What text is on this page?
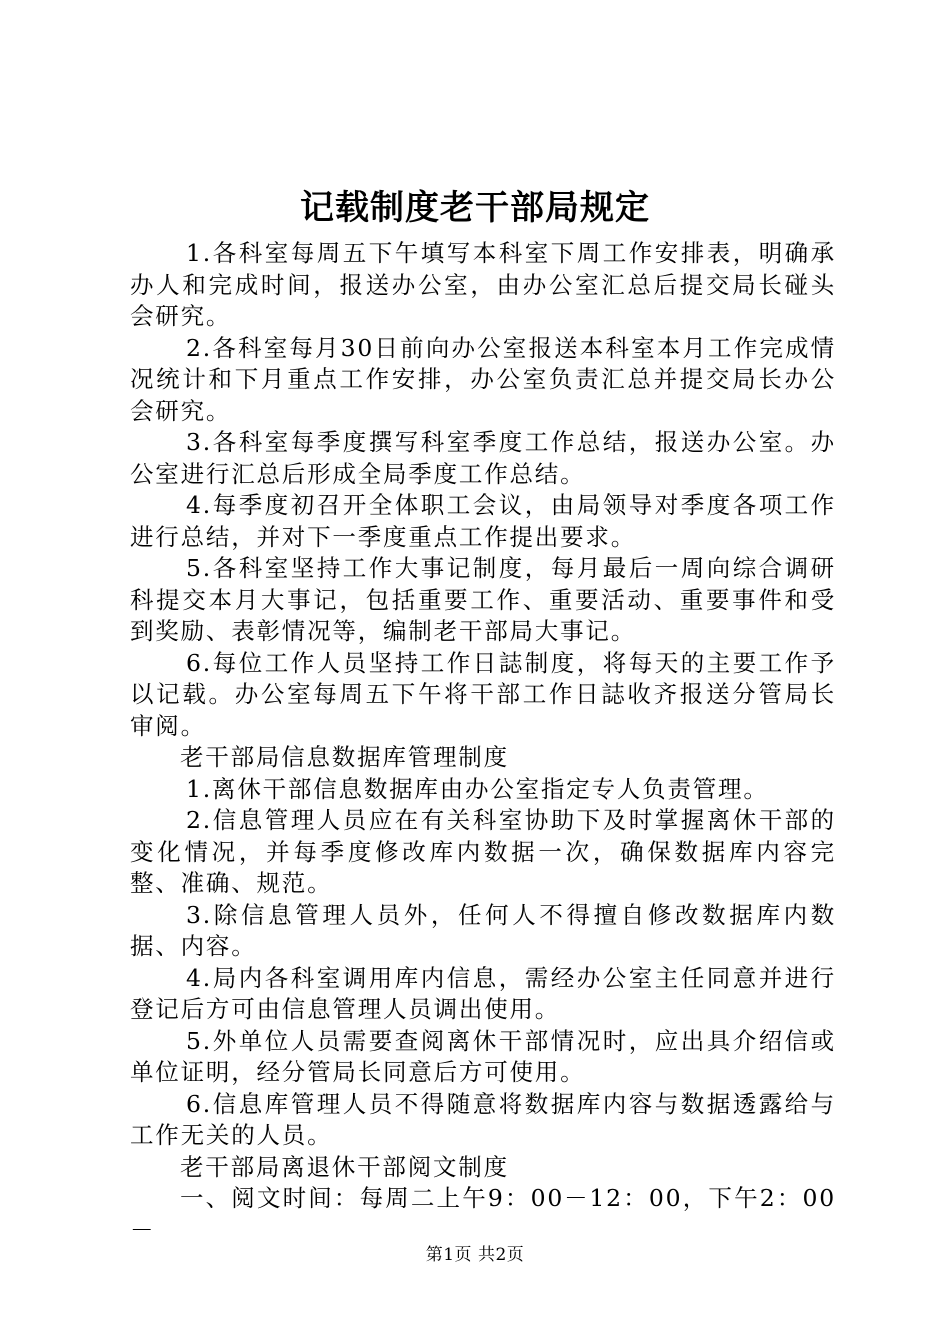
记载制度老干部局规定

1.各科室每周五下午填写本科室下周工作安排表，明确承办人和完成时间，报送办公室，由办公室汇总后提交局长碰头会研究。

2.各科室每月30日前向办公室报送本科室本月工作完成情况统计和下月重点工作安排，办公室负责汇总并提交局长办公会研究。

3.各科室每季度撰写科室季度工作总结，报送办公室。办公室进行汇总后形成全局季度工作总结。

4.每季度初召开全体职工会议，由局领导对季度各项工作进行总结，并对下一季度重点工作提出要求。

5.各科室坚持工作大事记制度，每月最后一周向综合调研科提交本月大事记，包括重要工作、重要活动、重要事件和受到奖励、表彰情况等，编制老干部局大事记。

6.每位工作人员坚持工作日誌制度，将每天的主要工作予以记载。办公室每周五下午将干部工作日誌收齐报送分管局长审阅。

老干部局信息数据库管理制度

1.离休干部信息数据库由办公室指定专人负责管理。

2.信息管理人员应在有关科室协助下及时掌握离休干部的变化情况，并每季度修改库内数据一次，确保数据库内容完整、准确、规范。

3.除信息管理人员外，任何人不得擅自修改数据库内数据、内容。

4.局内各科室调用库内信息，需经办公室主任同意并进行登记后方可由信息管理人员调出使用。

5.外单位人员需要查阅离休干部情况时，应出具介绍信或单位证明，经分管局长同意后方可使用。

6.信息库管理人员不得随意将数据库内容与数据透露给与工作无关的人员。

老干部局离退休干部阅文制度

一、阅文时间：每周二上午9：00－12：00，下午2：00－

第1页 共2页
